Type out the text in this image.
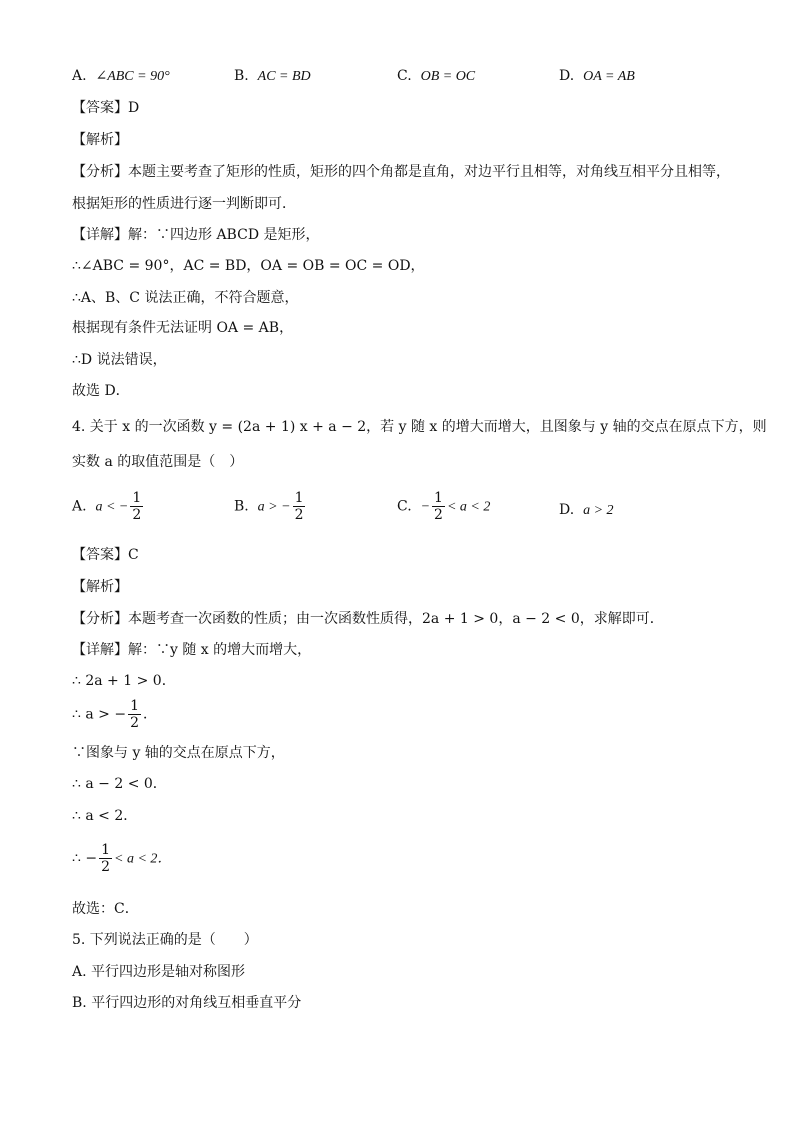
A. ∠ABC = 90°	B. AC = BD	C. OB = OC	D. OA = AB
【答案】D
【解析】
【分析】本题主要考查了矩形的性质，矩形的四个角都是直角，对边平行且相等，对角线互相平分且相等，
根据矩形的性质进行逐一判断即可．
【详解】解：∵四边形 ABCD 是矩形，
∴∠ABC = 90°，AC = BD，OA = OB = OC = OD，
∴A、B、C 说法正确，不符合题意，
根据现有条件无法证明 OA = AB，
∴D 说法错误，
故选 D．
4. 关于 x 的一次函数 y = (2a + 1) x + a − 2，若 y 随 x 的增大而增大，且图象与 y 轴的交点在原点下方，则
实数 a 的取值范围是（　）
A. a < − $\frac{1}{2}$	B. a > − $\frac{1}{2}$	C. − $\frac{1}{2} < a < 2$	D. a > 2
【答案】C
【解析】
【分析】本题考查一次函数的性质；由一次函数性质得，2a + 1 > 0，a − 2 < 0，求解即可．
【详解】解：∵y 随 x 的增大而增大，
∴ 2a + 1 > 0．
∴ a > − $\frac{1}{2}$ ．
∵图象与 y 轴的交点在原点下方，
∴ a − 2 < 0．
∴ a < 2．
∴ − $\frac{1}{2} < a < 2$．
故选：C．
5. 下列说法正确的是（　　）
A. 平行四边形是轴对称图形
B. 平行四边形的对角线互相垂直平分
